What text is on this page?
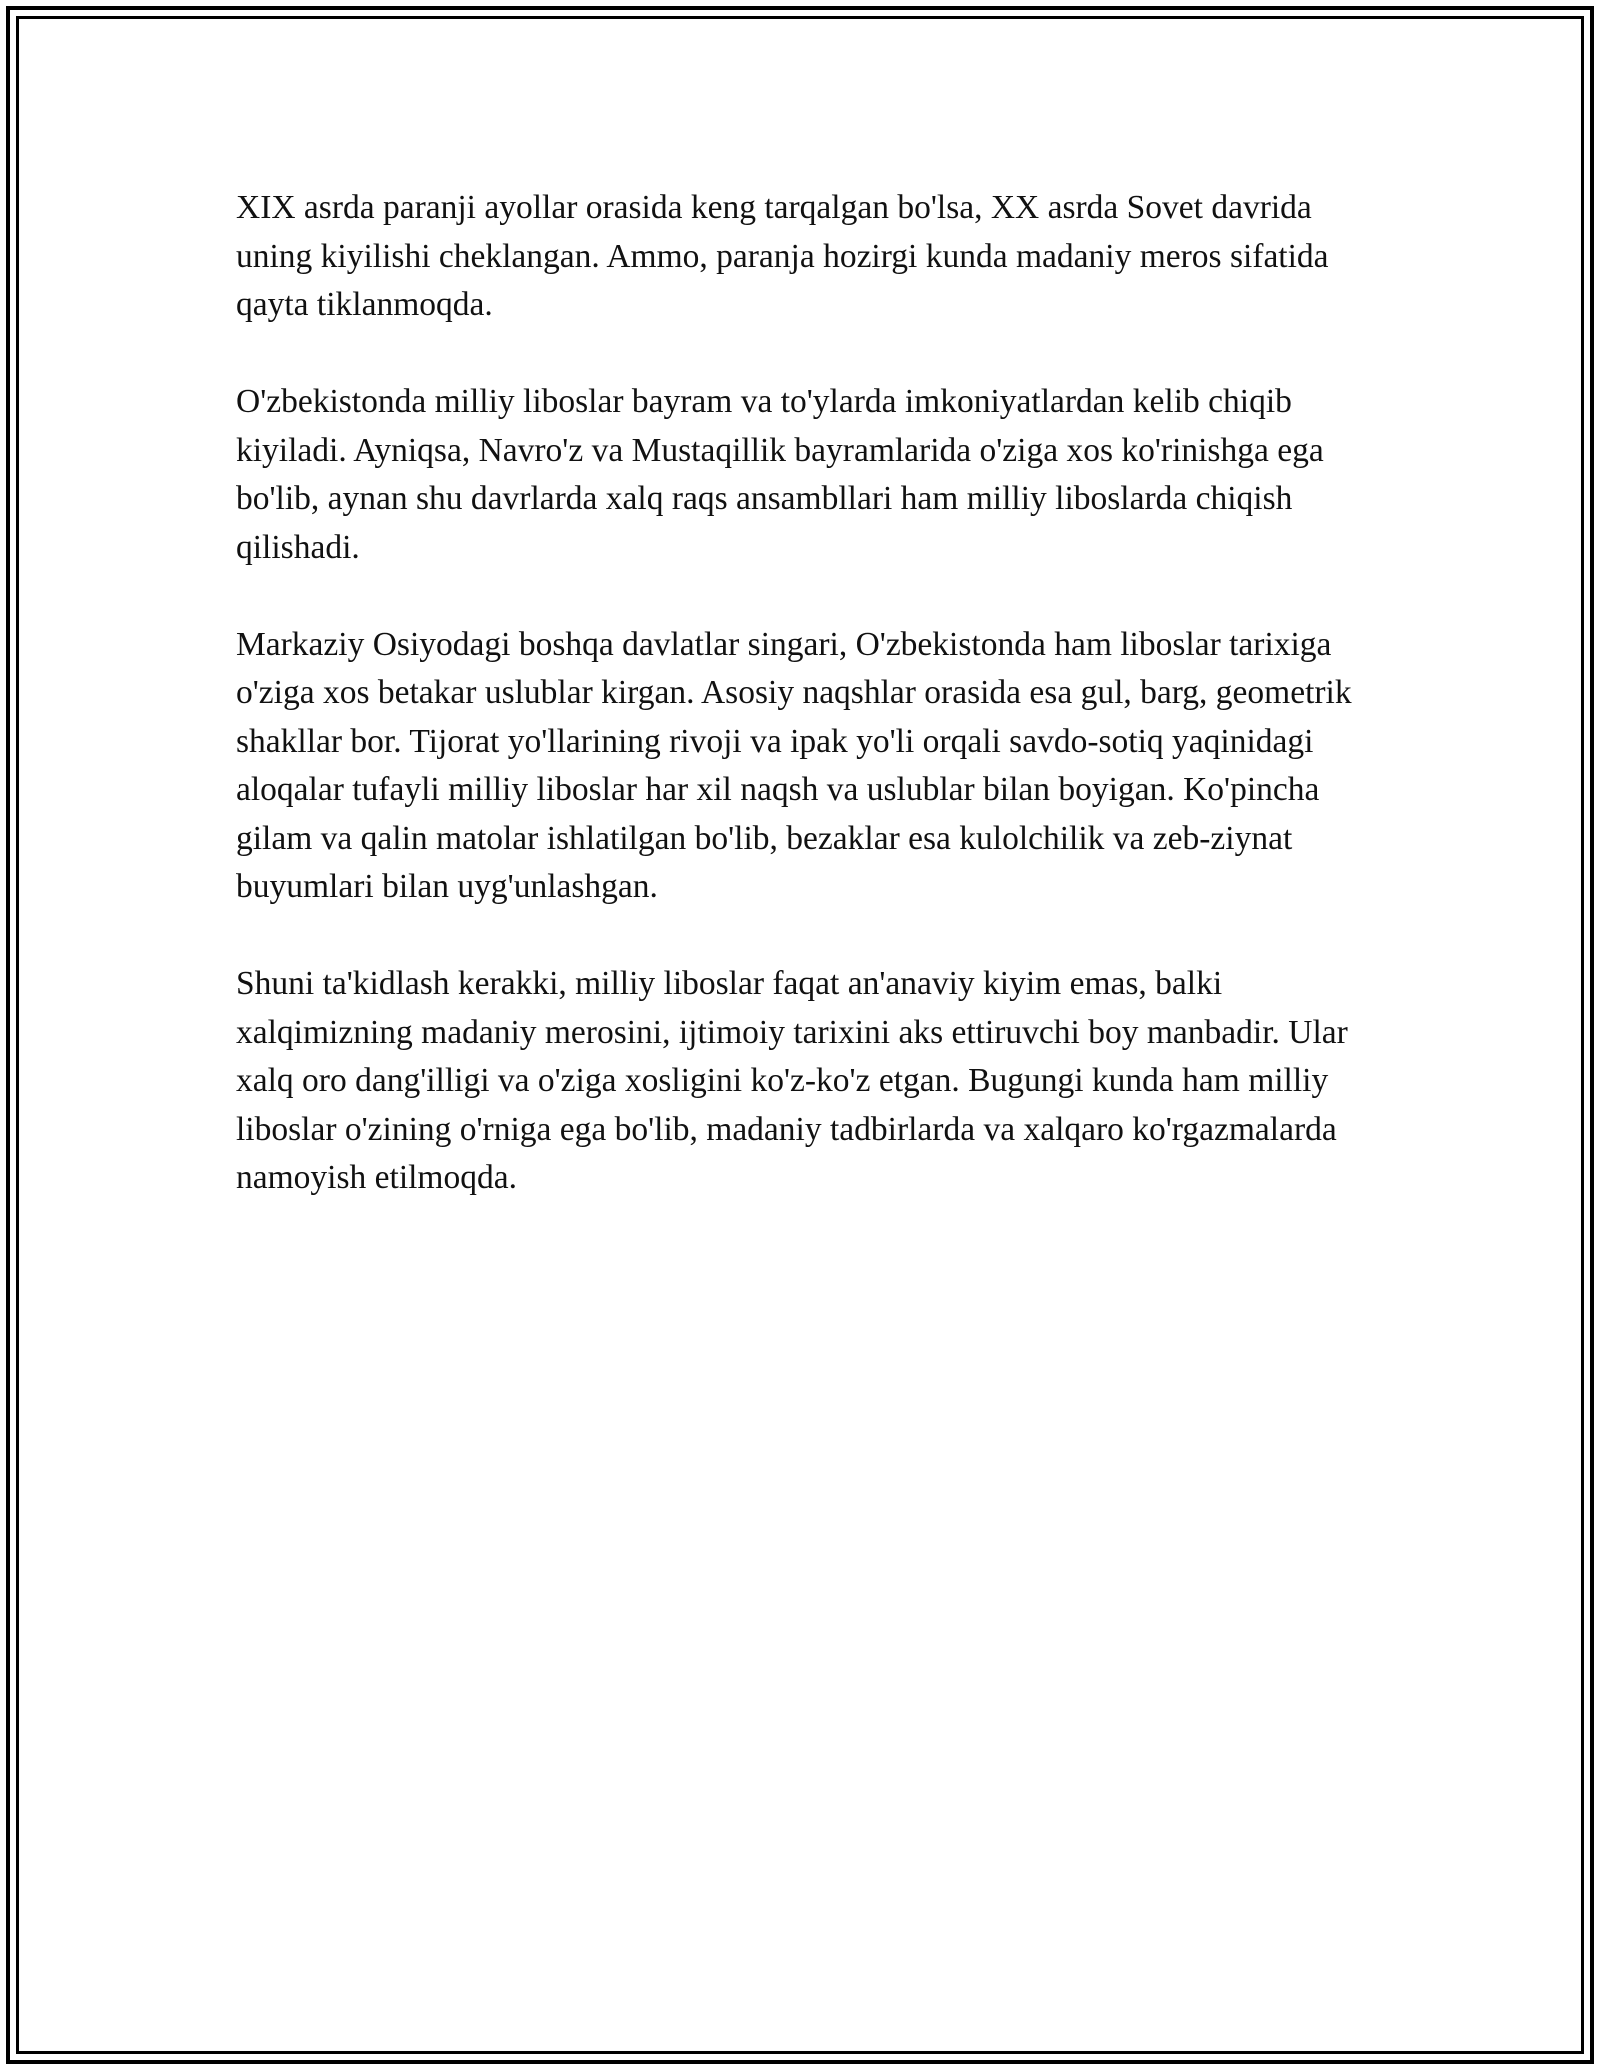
XIX asrda paranji ayollar orasida keng tarqalgan bo'lsa, XX asrda Sovet davrida uning kiyilishi cheklangan. Ammo, paranja hozirgi kunda madaniy meros sifatida qayta tiklanmoqda.

O'zbekistonda milliy liboslar bayram va to'ylarda imkoniyatlardan kelib chiqib kiyiladi. Ayniqsa, Navro'z va Mustaqillik bayramlarida o'ziga xos ko'rinishga ega bo'lib, aynan shu davrlarda xalq raqs ansambllari ham milliy liboslarda chiqish qilishadi.

Markaziy Osiyodagi boshqa davlatlar singari, O'zbekistonda ham liboslar tarixiga o'ziga xos betakar uslublar kirgan. Asosiy naqshlar orasida esa gul, barg, geometrik shakllar bor. Tijorat yo'llarining rivoji va ipak yo'li orqali savdo-sotiq yaqinidagi aloqalar tufayli milliy liboslar har xil naqsh va uslublar bilan boyigan. Ko'pincha gilam va qalin matolar ishlatilgan bo'lib, bezaklar esa kulolchilik va zeb-ziynat buyumlari bilan uyg'unlashgan.

Shuni ta'kidlash kerakki, milliy liboslar faqat an'anaviy kiyim emas, balki xalqimizning madaniy merosini, ijtimoiy tarixini aks ettiruvchi boy manbadir. Ular xalq oro dang'illigi va o'ziga xosligini ko'z-ko'z etgan. Bugungi kunda ham milliy liboslar o'zining o'rniga ega bo'lib, madaniy tadbirlarda va xalqaro ko'rgazmalarda namoyish etilmoqda.
